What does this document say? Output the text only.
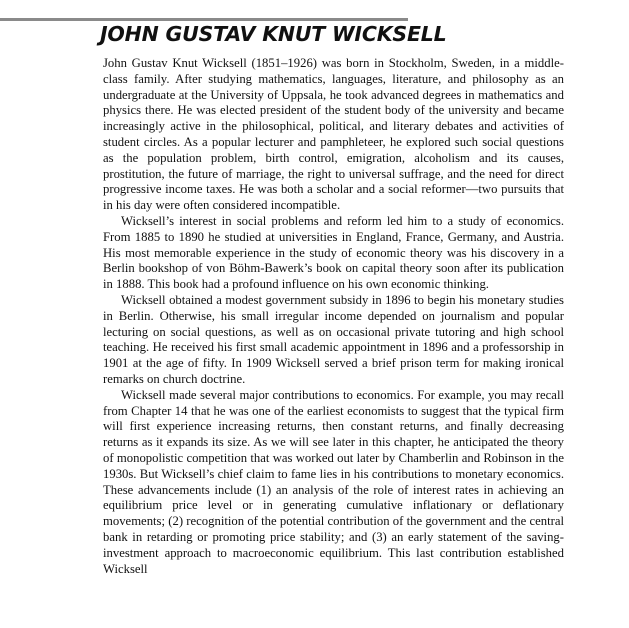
JOHN GUSTAV KNUT WICKSELL

John Gustav Knut Wicksell (1851–1926) was born in Stockholm, Sweden, in a middle-class family. After studying mathematics, languages, literature, and philosophy as an undergraduate at the University of Uppsala, he took advanced degrees in mathematics and physics there. He was elected president of the student body of the university and became increasingly active in the philosophical, political, and literary debates and activities of student circles. As a popular lecturer and pamphleteer, he explored such social questions as the population problem, birth control, emigration, alcoholism and its causes, prostitution, the future of marriage, the right to universal suffrage, and the need for direct progressive income taxes. He was both a scholar and a social reformer—two pursuits that in his day were often considered incompatible.

Wicksell’s interest in social problems and reform led him to a study of economics. From 1885 to 1890 he studied at universities in England, France, Germany, and Austria. His most memorable experience in the study of economic theory was his discovery in a Berlin bookshop of von Böhm-Bawerk’s book on capital theory soon after its publication in 1888. This book had a profound influence on his own economic thinking.

Wicksell obtained a modest government subsidy in 1896 to begin his monetary studies in Berlin. Otherwise, his small irregular income depended on journalism and popular lecturing on social questions, as well as on occasional private tutoring and high school teaching. He received his first small academic appointment in 1896 and a professorship in 1901 at the age of fifty. In 1909 Wicksell served a brief prison term for making ironical remarks on church doctrine.

Wicksell made several major contributions to economics. For example, you may recall from Chapter 14 that he was one of the earliest economists to suggest that the typical firm will first experience increasing returns, then constant returns, and finally decreasing returns as it expands its size. As we will see later in this chapter, he anticipated the theory of monopolistic competition that was worked out later by Chamberlin and Robinson in the 1930s. But Wicksell’s chief claim to fame lies in his contributions to monetary economics. These advancements include (1) an analysis of the role of interest rates in achieving an equilibrium price level or in generating cumulative inflationary or deflationary movements; (2) recognition of the potential contribution of the government and the central bank in retarding or promoting price stability; and (3) an early statement of the saving-investment approach to macroeconomic equilibrium. This last contribution established Wicksell
